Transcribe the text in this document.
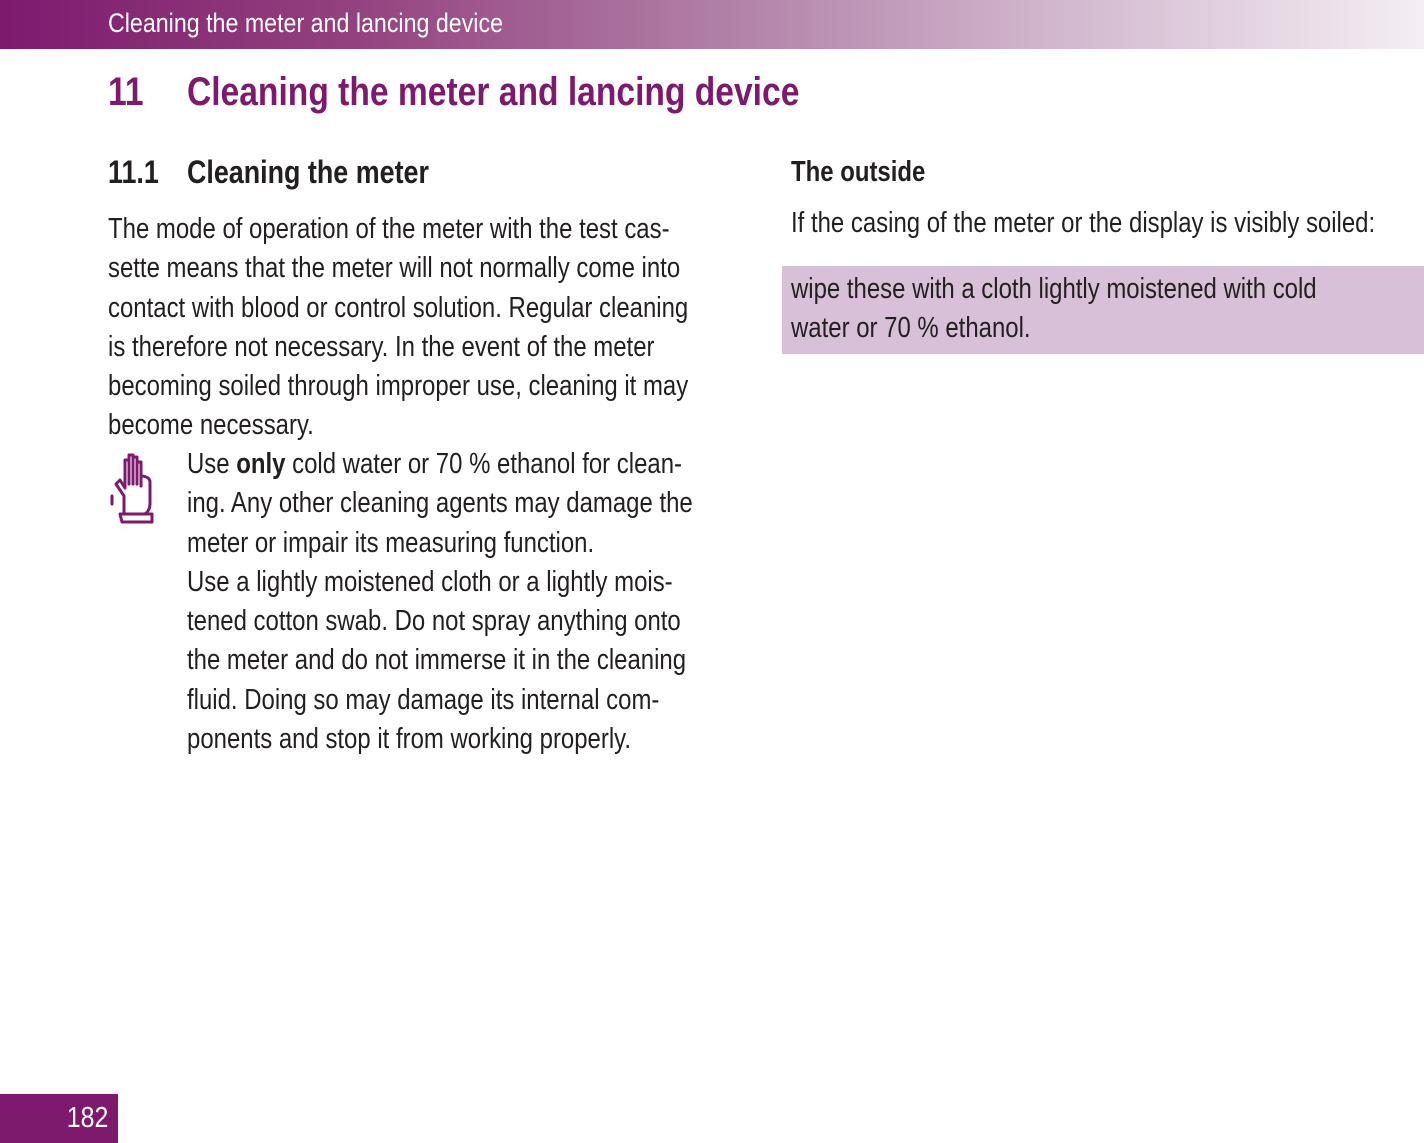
Cleaning the meter and lancing device
11 Cleaning the meter and lancing device
11.1 Cleaning the meter
The mode of operation of the meter with the test cas-
sette means that the meter will not normally come into
contact with blood or control solution. Regular cleaning
is therefore not necessary. In the event of the meter
becoming soiled through improper use, cleaning it may
become necessary.
Use only cold water or 70 % ethanol for clean-
ing. Any other cleaning agents may damage the
meter or impair its measuring function.
Use a lightly moistened cloth or a lightly mois-
tened cotton swab. Do not spray anything onto
the meter and do not immerse it in the cleaning
fluid. Doing so may damage its internal com-
ponents and stop it from working properly.
The outside
If the casing of the meter or the display is visibly soiled:
wipe these with a cloth lightly moistened with cold
water or 70 % ethanol.
182
